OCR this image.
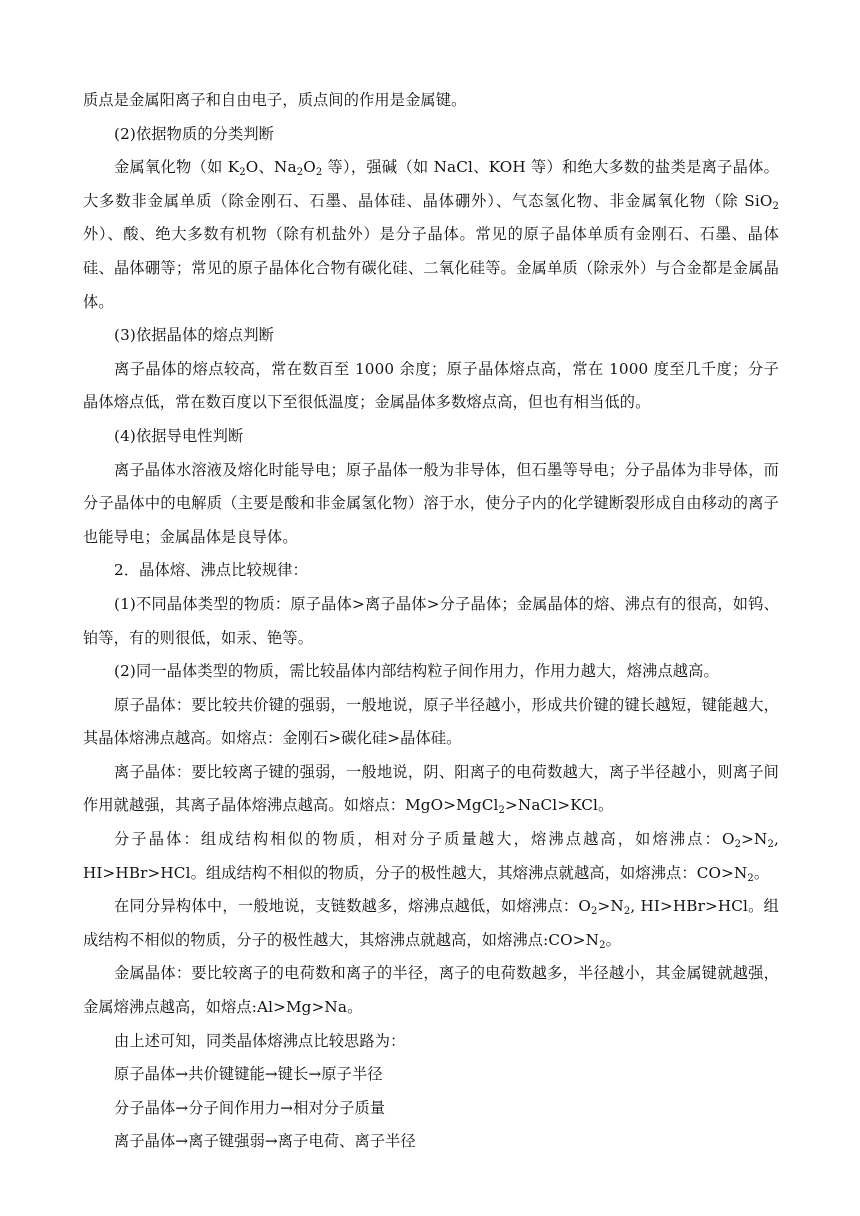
质点是金属阳离子和自由电子，质点间的作用是金属键。

(2)依据物质的分类判断

金属氧化物（如 $K_2O$、$Na_2O_2$ 等），强碱（如 NaCl、KOH 等）和绝大多数的盐类是离子晶体。大多数非金属单质（除金刚石、石墨、晶体硅、晶体硼外）、气态氢化物、非金属氧化物（除 SiO$_2$ 外）、酸、绝大多数有机物（除有机盐外）是分子晶体。常见的原子晶体单质有金刚石、石墨、晶体硅、晶体硼等；常见的原子晶体化合物有碳化硅、二氧化硅等。金属单质（除汞外）与合金都是金属晶体。

(3)依据晶体的熔点判断

离子晶体的熔点较高，常在数百至 1000 余度；原子晶体熔点高，常在 1000 度至几千度；分子晶体熔点低，常在数百度以下至很低温度；金属晶体多数熔点高，但也有相当低的。

(4)依据导电性判断

离子晶体水溶液及熔化时能导电；原子晶体一般为非导体，但石墨等导电；分子晶体为非导体，而分子晶体中的电解质（主要是酸和非金属氢化物）溶于水，使分子内的化学键断裂形成自由移动的离子也能导电；金属晶体是良导体。

2．晶体熔、沸点比较规律：

(1)不同晶体类型的物质：原子晶体>离子晶体>分子晶体；金属晶体的熔、沸点有的很高，如钨、铂等，有的则很低，如汞、铯等。

(2)同一晶体类型的物质，需比较晶体内部结构粒子间作用力，作用力越大，熔沸点越高。

原子晶体：要比较共价键的强弱，一般地说，原子半径越小，形成共价键的键长越短，键能越大，其晶体熔沸点越高。如熔点：金刚石>碳化硅>晶体硅。

离子晶体：要比较离子键的强弱，一般地说，阴、阳离子的电荷数越大，离子半径越小，则离子间作用就越强，其离子晶体熔沸点越高。如熔点：MgO>MgCl$_2$>NaCl>KCl。

分子晶体：组成结构相似的物质，相对分子质量越大，熔沸点越高，如熔沸点：$O_2>N_2$, HI>HBr>HCl。组成结构不相似的物质，分子的极性越大，其熔沸点就越高，如熔沸点：$CO>N_2$。

在同分异构体中，一般地说，支链数越多，熔沸点越低，如熔沸点：$O_2>N_2$, HI>HBr>HCl。组成结构不相似的物质，分子的极性越大，其熔沸点就越高，如熔沸点$:CO>N_2$。

金属晶体：要比较离子的电荷数和离子的半径，离子的电荷数越多，半径越小，其金属键就越强，金属熔沸点越高，如熔点:Al>Mg>Na。

由上述可知，同类晶体熔沸点比较思路为：

原子晶体→共价键键能→键长→原子半径

分子晶体→分子间作用力→相对分子质量

离子晶体→离子键强弱→离子电荷、离子半径
